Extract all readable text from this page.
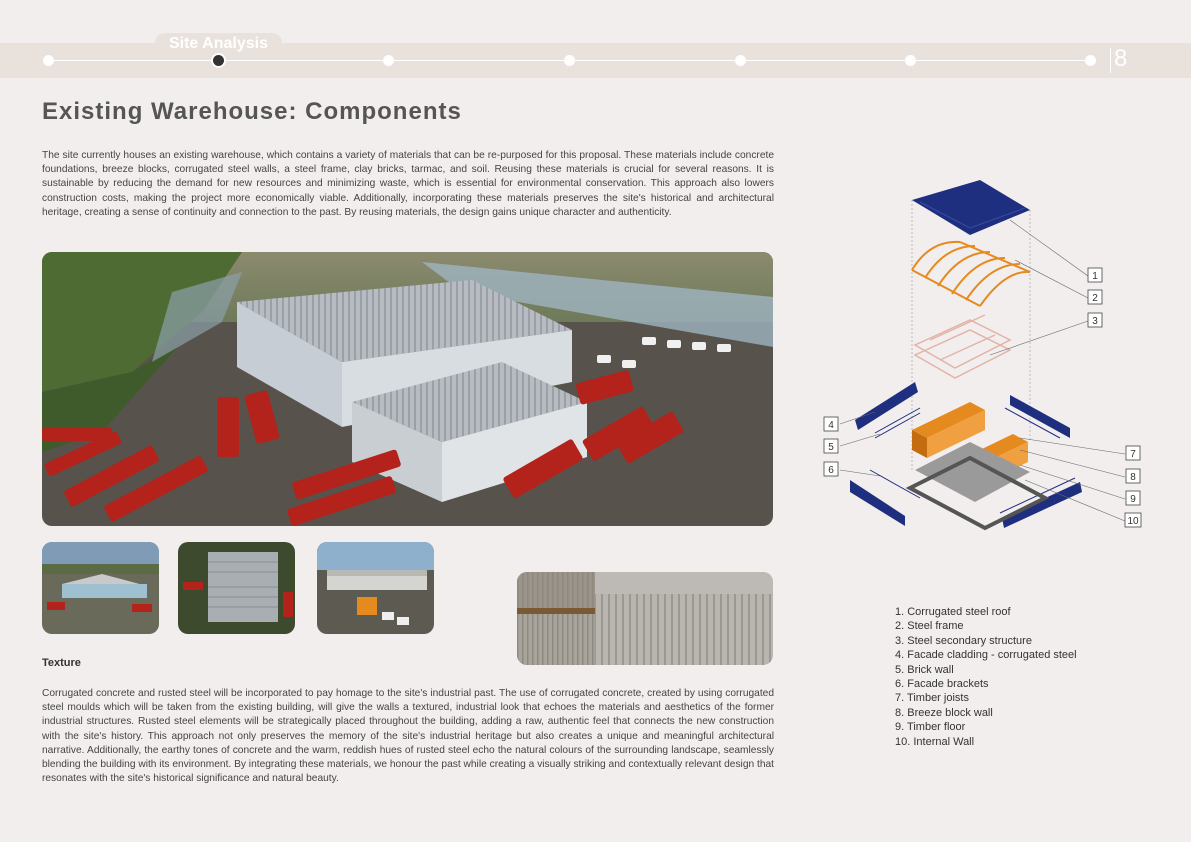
Site Analysis
8
Existing Warehouse: Components

The site currently houses an existing warehouse, which contains a variety of materials that can be re-purposed for this proposal. These materials include concrete foundations, breeze blocks, corrugated steel walls, a steel frame, clay bricks, tarmac, and soil. Reusing these materials is crucial for several reasons. It is sustainable by reducing the demand for new resources and minimizing waste, which is essential for environmental conservation. This approach also lowers construction costs, making the project more economically viable. Additionally, incorporating these materials preserves the site's historical and architectural heritage, creating a sense of continuity and connection to the past. By reusing materials, the design gains unique character and authenticity.

Texture

Corrugated concrete and rusted steel will be incorporated to pay homage to the site's industrial past. The use of corrugated concrete, created by using corrugated steel moulds which will be taken from the existing building, will give the walls a textured, industrial look that echoes the materials and aesthetics of the former industrial structures. Rusted steel elements will be strategically placed throughout the building, adding a raw, authentic feel that connects the new construction with the site's history. This approach not only preserves the memory of the site's industrial heritage but also creates a unique and meaningful architectural narrative. Additionally, the earthy tones of concrete and the warm, reddish hues of rusted steel echo the natural colours of the surrounding landscape, seamlessly blending the building with its environment. By integrating these materials, we honour the past while creating a visually striking and contextually relevant design that resonates with the site's historical significance and natural beauty.

1
2
3
4
5
6
7
8
9
10
1. Corrugated steel roof
2. Steel frame
3. Steel secondary structure
4. Facade cladding - corrugated steel
5. Brick wall
6. Facade brackets
7. Timber joists
8. Breeze block wall
9. Timber floor
10. Internal Wall
